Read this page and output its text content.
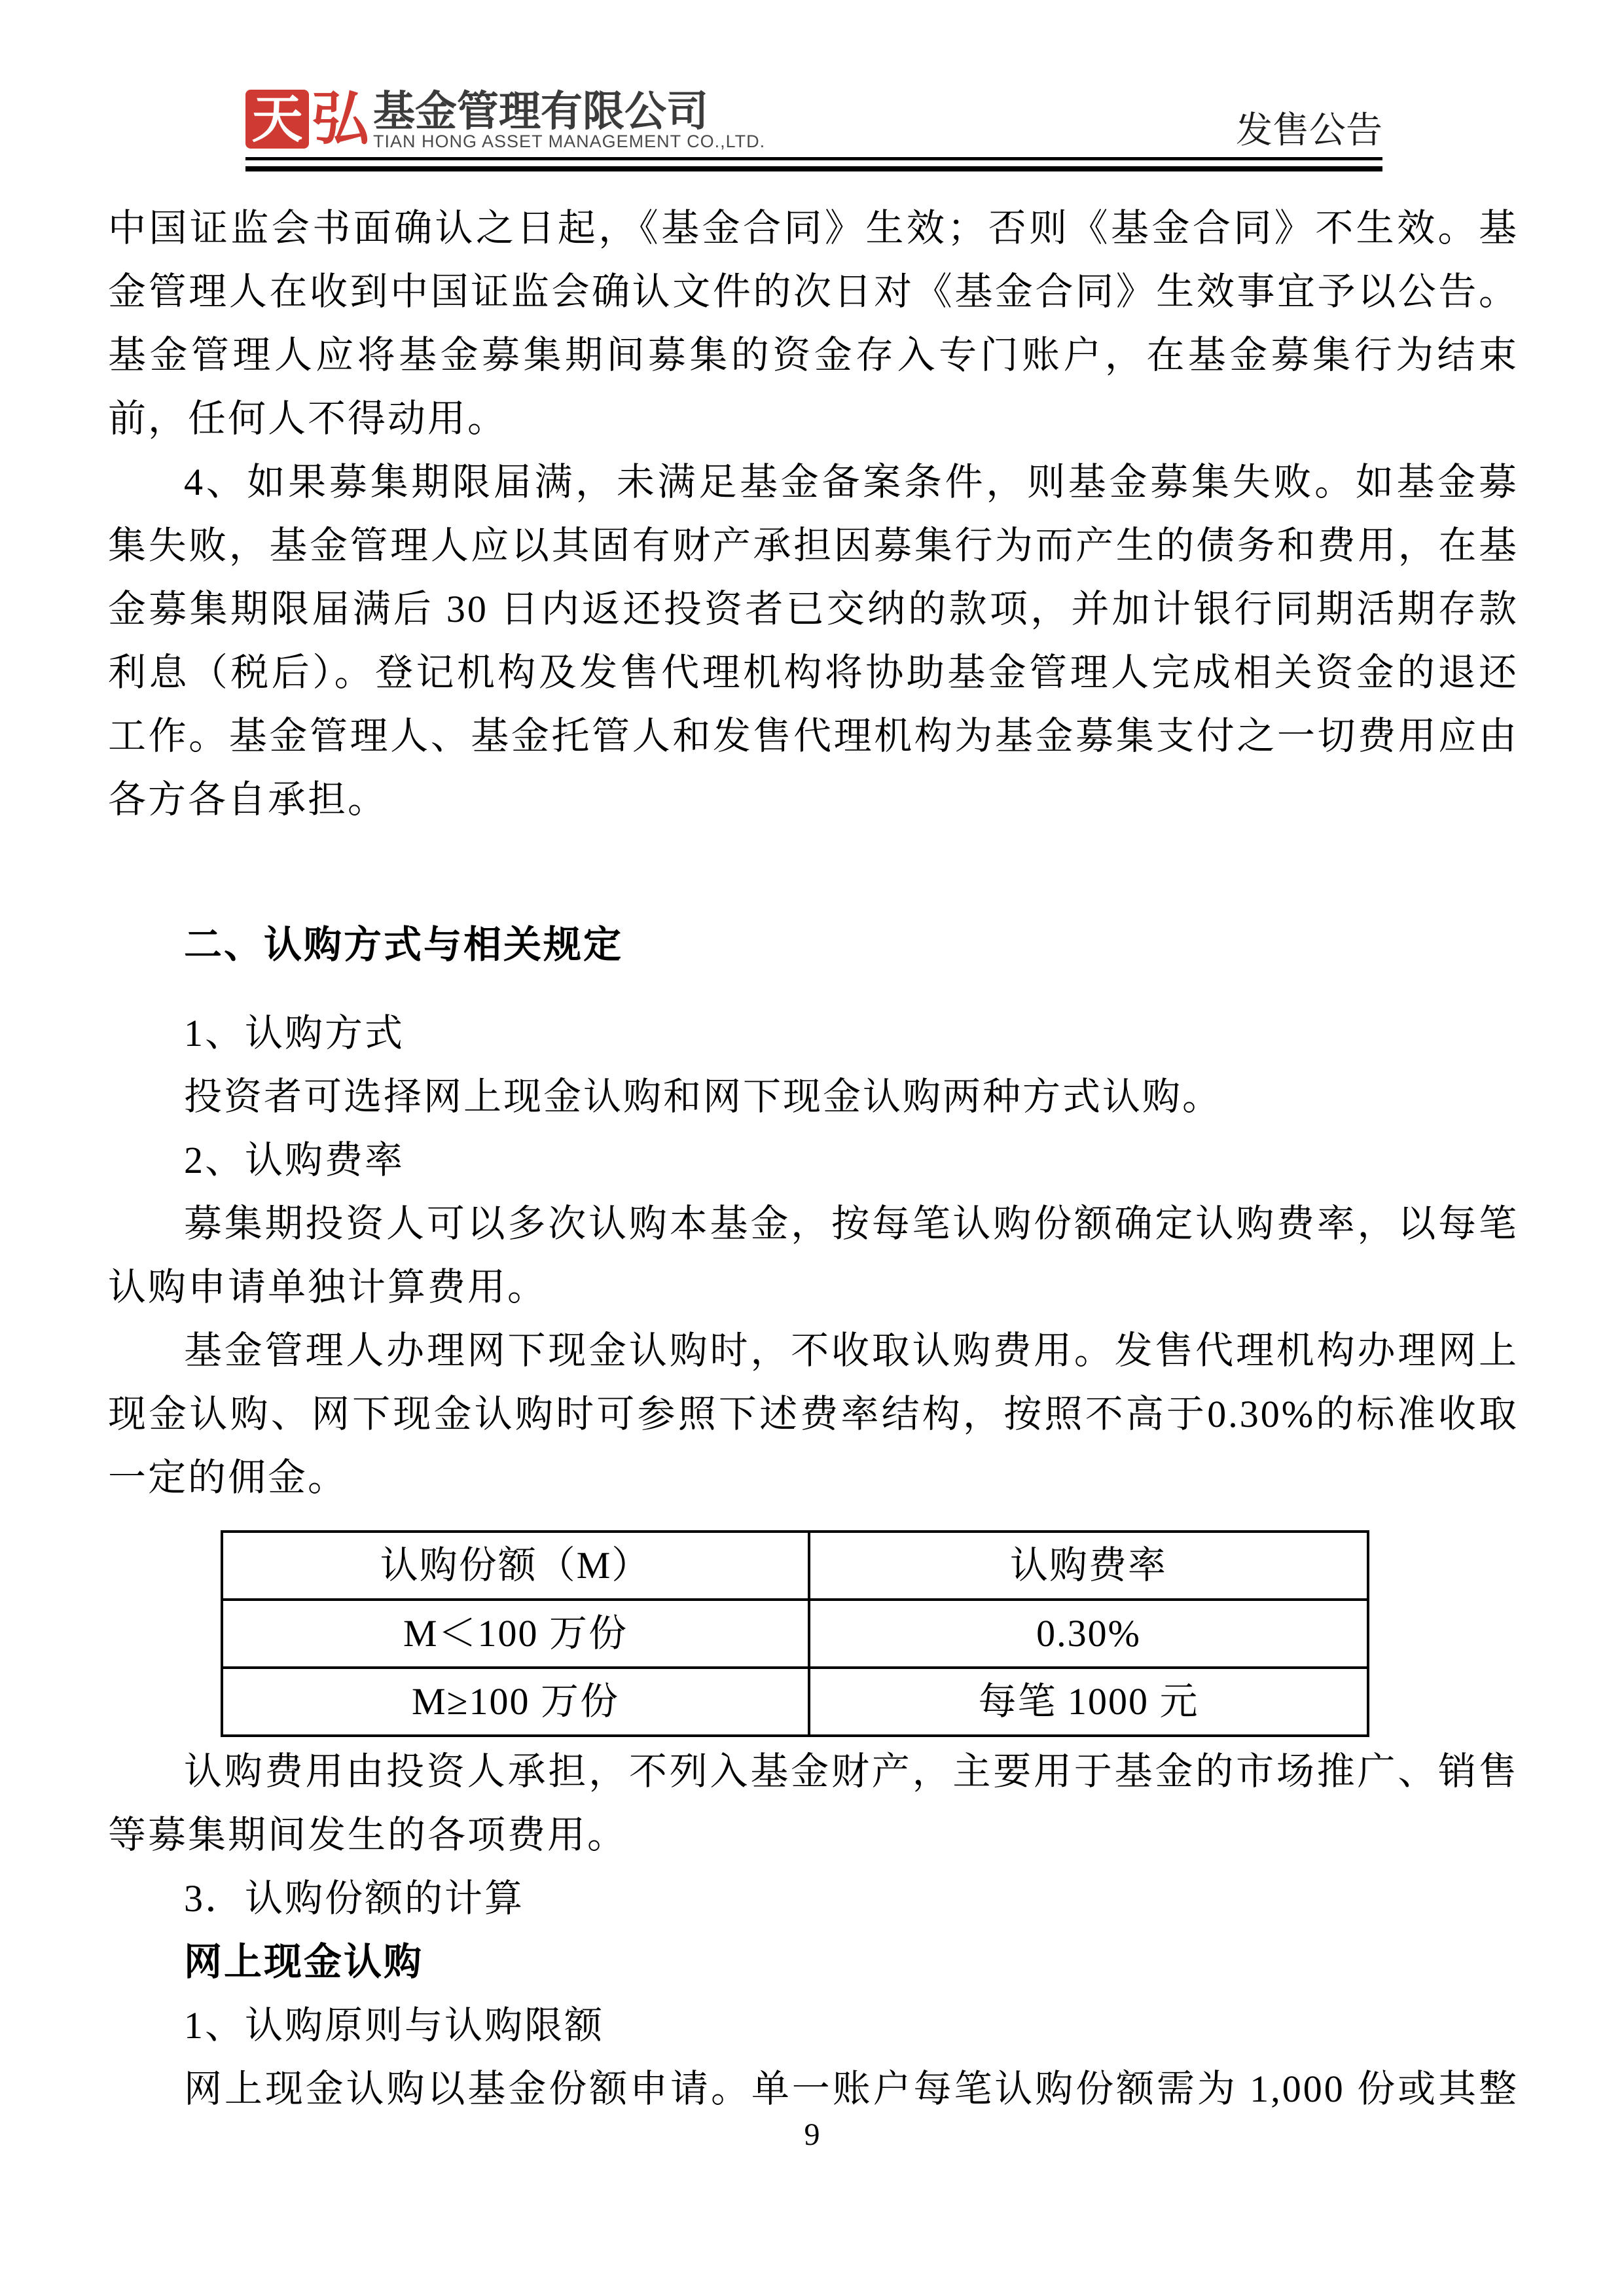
天 弘 基金管理有限公司
TIAN HONG ASSET MANAGEMENT CO.,LTD.	发售公告

中国证监会书面确认之日起，《基金合同》生效；否则《基金合同》不生效。基金管理人在收到中国证监会确认文件的次日对《基金合同》生效事宜予以公告。基金管理人应将基金募集期间募集的资金存入专门账户，在基金募集行为结束前，任何人不得动用。

4、如果募集期限届满，未满足基金备案条件，则基金募集失败。如基金募集失败，基金管理人应以其固有财产承担因募集行为而产生的债务和费用，在基金募集期限届满后 30 日内返还投资者已交纳的款项，并加计银行同期活期存款利息（税后）。登记机构及发售代理机构将协助基金管理人完成相关资金的退还工作。基金管理人、基金托管人和发售代理机构为基金募集支付之一切费用应由各方各自承担。

二、认购方式与相关规定

1、认购方式

投资者可选择网上现金认购和网下现金认购两种方式认购。

2、认购费率

募集期投资人可以多次认购本基金，按每笔认购份额确定认购费率，以每笔认购申请单独计算费用。

基金管理人办理网下现金认购时，不收取认购费用。发售代理机构办理网上现金认购、网下现金认购时可参照下述费率结构，按照不高于0.30%的标准收取一定的佣金。

认购份额（M）	认购费率
M＜100 万份	0.30%
M≥100 万份	每笔 1000 元

认购费用由投资人承担，不列入基金财产，主要用于基金的市场推广、销售等募集期间发生的各项费用。

3．认购份额的计算

网上现金认购

1、认购原则与认购限额

网上现金认购以基金份额申请。单一账户每笔认购份额需为 1,000 份或其整

9
